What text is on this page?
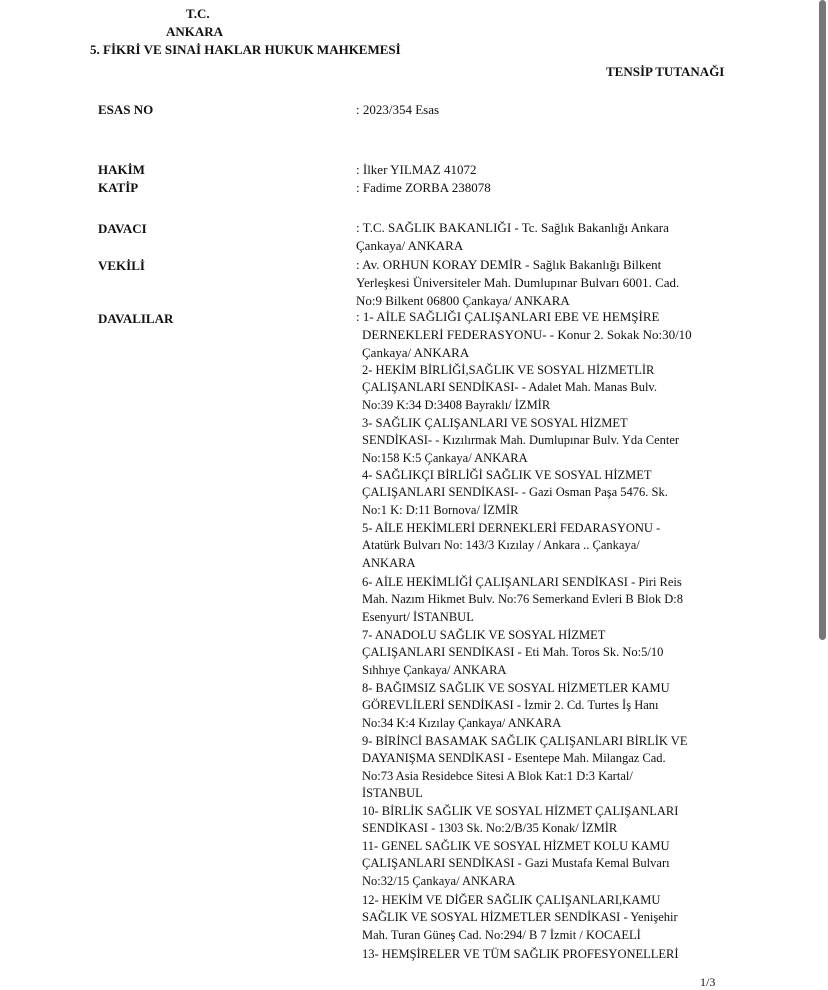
T.C.
ANKARA
5. FİKRİ VE SINAİ HAKLAR HUKUK MAHKEMESİ
TENSİP TUTANAĞI
ESAS NO	: 2023/354 Esas
HAKİM	: İlker YILMAZ 41072
KATİP	: Fadime ZORBA 238078
DAVACI	: T.C. SAĞLIK BAKANLIĞI - Tc. Sağlık Bakanlığı Ankara
Çankaya/ ANKARA
VEKİLİ	: Av. ORHUN KORAY DEMİR - Sağlık Bakanlığı Bilkent
Yerleşkesi Üniversiteler Mah. Dumlupınar Bulvarı 6001. Cad.
No:9 Bilkent 06800 Çankaya/ ANKARA
DAVALILAR	: 1- AİLE SAĞLIĞI ÇALIŞANLARI EBE VE HEMŞİRE
DERNEKLERİ FEDERASYONU- - Konur 2. Sokak No:30/10
Çankaya/ ANKARA
2- HEKİM BİRLİĞİ,SAĞLIK VE SOSYAL HİZMETLİR
ÇALIŞANLARI SENDİKASI- - Adalet Mah. Manas Bulv.
No:39 K:34 D:3408 Bayraklı/ İZMİR
3- SAĞLIK ÇALIŞANLARI VE SOSYAL HİZMET
SENDİKASI- - Kızılırmak Mah. Dumlupınar Bulv. Yda Center
No:158 K:5 Çankaya/ ANKARA
4- SAĞLIKÇI BİRLİĞİ SAĞLIK VE SOSYAL HİZMET
ÇALIŞANLARI SENDİKASI- - Gazi Osman Paşa 5476. Sk.
No:1 K: D:11 Bornova/ İZMİR
5- AİLE HEKİMLERİ DERNEKLERİ FEDARASYONU -
Atatürk Bulvarı No: 143/3 Kızılay / Ankara .. Çankaya/
ANKARA
6- AİLE HEKİMLİĞİ ÇALIŞANLARI SENDİKASI - Piri Reis
Mah. Nazım Hikmet Bulv. No:76 Semerkand Evleri B Blok D:8
Esenyurt/ İSTANBUL
7- ANADOLU SAĞLIK VE SOSYAL HİZMET
ÇALIŞANLARI SENDİKASI - Eti Mah. Toros Sk. No:5/10
Sıhhıye Çankaya/ ANKARA
8- BAĞIMSIZ SAĞLIK VE SOSYAL HİZMETLER KAMU
GÖREVLİLERİ SENDİKASI - İzmir 2. Cd. Turtes İş Hanı
No:34 K:4 Kızılay Çankaya/ ANKARA
9- BİRİNCİ BASAMAK SAĞLIK ÇALIŞANLARI BİRLİK VE
DAYANIŞMA SENDİKASI - Esentepe Mah. Milangaz Cad.
No:73 Asia Residebce Sitesi A Blok Kat:1 D:3 Kartal/
İSTANBUL
10- BİRLİK SAĞLIK VE SOSYAL HİZMET ÇALIŞANLARI
SENDİKASI - 1303 Sk. No:2/B/35 Konak/ İZMİR
11- GENEL SAĞLIK VE SOSYAL HİZMET KOLU KAMU
ÇALIŞANLARI SENDİKASI - Gazi Mustafa Kemal Bulvarı
No:32/15 Çankaya/ ANKARA
12- HEKİM VE DİĞER SAĞLIK ÇALIŞANLARI,KAMU
SAĞLIK VE SOSYAL HİZMETLER SENDİKASI - Yenişehir
Mah. Turan Güneş Cad. No:294/ B 7 İzmit / KOCAELİ
13- HEMŞİRELER VE TÜM SAĞLIK PROFESYONELLERİ
1/3
